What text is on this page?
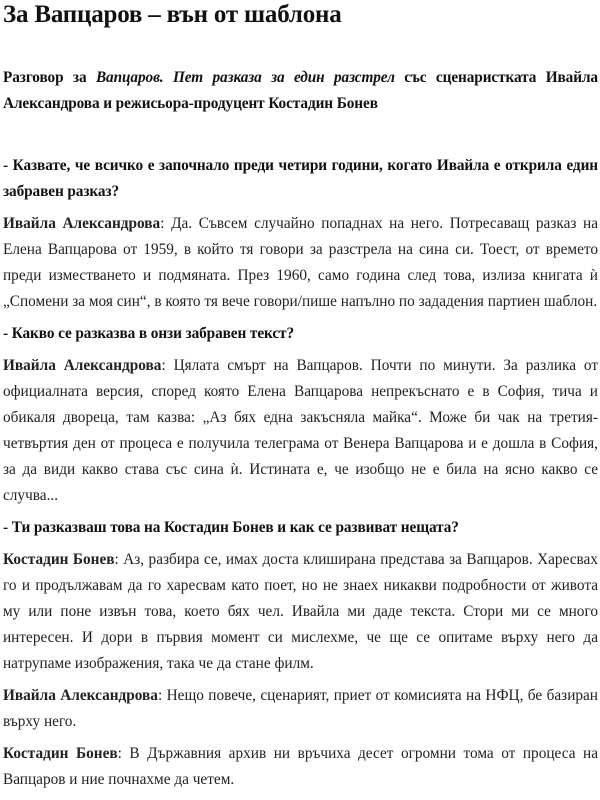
За Вапцаров – вън от шаблона

Разговор за Вапцаров. Пет разказа за един разстрел със сценаристката Ивайла Александрова и режисьора-продуцент Костадин Бонев

- Казвате, че всичко е започнало преди четири години, когато Ивайла е открила един забравен разказ?

Ивайла Александрова: Да. Съвсем случайно попаднах на него. Потресаващ разказ на Елена Вапцарова от 1959, в който тя говори за разстрела на сина си. Тоест, от времето преди изместването и подмяната. През 1960, само година след това, излиза книгата ѝ „Спомени за моя син“, в която тя вече говори/пише напълно по зададения партиен шаблон.

- Какво се разказва в онзи забравен текст?

Ивайла Александрова: Цялата смърт на Вапцаров. Почти по минути. За разлика от официалната версия, според която Елена Вапцарова непрекъснато е в София, тича и обикаля двореца, там казва: „Аз бях една закъсняла майка“. Може би чак на третия-четвъртия ден от процеса е получила телеграма от Венера Вапцарова и е дошла в София, за да види какво става със сина ѝ. Истината е, че изобщо не е била на ясно какво се случва...

- Ти разказваш това на Костадин Бонев и как се развиват нещата?

Костадин Бонев: Аз, разбира се, имах доста клиширана представа за Вапцаров. Харесвах го и продължавам да го харесвам като поет, но не знаех никакви подробности от живота му или поне извън това, което бях чел. Ивайла ми даде текста. Стори ми се много интересен. И дори в първия момент си мислехме, че ще се опитаме върху него да натрупаме изображения, така че да стане филм.

Ивайла Александрова: Нещо повече, сценарият, приет от комисията на НФЦ, бе базиран върху него.

Костадин Бонев: В Държавния архив ни връчиха десет огромни тома от процеса на Вапцаров и ние почнахме да четем.
